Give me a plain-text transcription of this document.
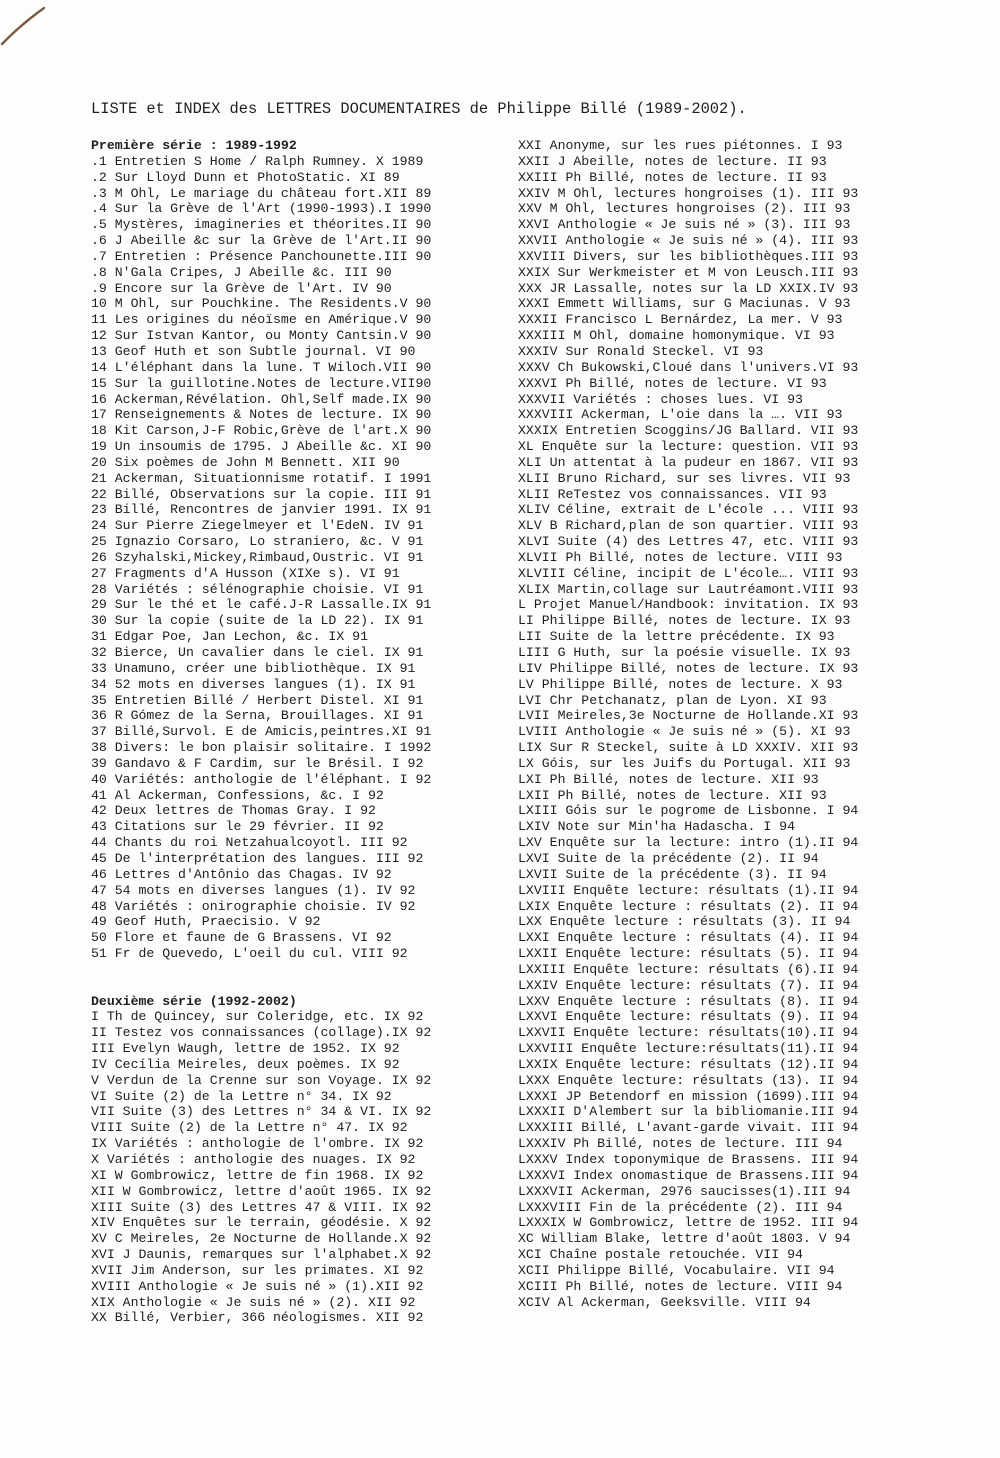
LISTE et INDEX des LETTRES DOCUMENTAIRES de Philippe Billé (1989-2002).
Première série : 1989-1992
.1 Entretien S Home / Ralph Rumney. X 1989
.2 Sur Lloyd Dunn et PhotoStatic. XI 89
.3 M Ohl, Le mariage du château fort.XII 89
.4 Sur la Grève de l'Art (1990-1993).I 1990
.5 Mystères, imagineries et théorites.II 90
.6 J Abeille &c sur la Grève de l'Art.II 90
.7 Entretien : Présence Panchounette.III 90
.8 N'Gala Cripes, J Abeille &c. III 90
.9 Encore sur la Grève de l'Art. IV 90
10 M Ohl, sur Pouchkine. The Residents.V 90
11 Les origines du néoïsme en Amérique.V 90
12 Sur Istvan Kantor, ou Monty Cantsin.V 90
13 Geof Huth et son Subtle journal. VI 90
14 L'éléphant dans la lune. T Wiloch.VII 90
15 Sur la guillotine.Notes de lecture.VII90
16 Ackerman,Révélation. Ohl,Self made.IX 90
17 Renseignements & Notes de lecture. IX 90
18 Kit Carson,J-F Robic,Grève de l'art.X 90
19 Un insoumis de 1795. J Abeille &c. XI 90
20 Six poèmes de John M Bennett. XII 90
21 Ackerman, Situationnisme rotatif. I 1991
22 Billé, Observations sur la copie. III 91
23 Billé, Rencontres de janvier 1991. IX 91
24 Sur Pierre Ziegelmeyer et l'EdeN. IV 91
25 Ignazio Corsaro, Lo straniero, &c. V 91
26 Szyhalski,Mickey,Rimbaud,Oustric. VI 91
27 Fragments d'A Husson (XIXe s). VI 91
28 Variétés : sélénographie choisie. VI 91
29 Sur le thé et le café.J-R Lassalle.IX 91
30 Sur la copie (suite de la LD 22). IX 91
31 Edgar Poe, Jan Lechon, &c. IX 91
32 Bierce, Un cavalier dans le ciel. IX 91
33 Unamuno, créer une bibliothèque. IX 91
34 52 mots en diverses langues (1). IX 91
35 Entretien Billé / Herbert Distel. XI 91
36 R Gómez de la Serna, Brouillages. XI 91
37 Billé,Survol. E de Amicis,peintres.XI 91
38 Divers: le bon plaisir solitaire. I 1992
39 Gandavo & F Cardim, sur le Brésil. I 92
40 Variétés: anthologie de l'éléphant. I 92
41 Al Ackerman, Confessions, &c. I 92
42 Deux lettres de Thomas Gray. I 92
43 Citations sur le 29 février. II 92
44 Chants du roi Netzahualcoyotl. III 92
45 De l'interprétation des langues. III 92
46 Lettres d'Antônio das Chagas. IV 92
47 54 mots en diverses langues (1). IV 92
48 Variétés : onirographie choisie. IV 92
49 Geof Huth, Praecisio. V 92
50 Flore et faune de G Brassens. VI 92
51 Fr de Quevedo, L'oeil du cul. VIII 92
Deuxième série (1992-2002)
I Th de Quincey, sur Coleridge, etc. IX 92
II Testez vos connaissances (collage).IX 92
III Evelyn Waugh, lettre de 1952. IX 92
IV Cecília Meireles, deux poèmes. IX 92
V Verdun de la Crenne sur son Voyage. IX 92
VI Suite (2) de la Lettre n° 34. IX 92
VII Suite (3) des Lettres n° 34 & VI. IX 92
VIII Suite (2) de la Lettre n° 47. IX 92
IX Variétés : anthologie de l'ombre. IX 92
X Variétés : anthologie des nuages. IX 92
XI W Gombrowicz, lettre de fin 1968. IX 92
XII W Gombrowicz, lettre d'août 1965. IX 92
XIII Suite (3) des Lettres 47 & VIII. IX 92
XIV Enquêtes sur le terrain, géodésie. X 92
XV C Meireles, 2e Nocturne de Hollande.X 92
XVI J Daunis, remarques sur l'alphabet.X 92
XVII Jim Anderson, sur les primates. XI 92
XVIII Anthologie « Je suis né » (1).XII 92
XIX Anthologie « Je suis né » (2). XII 92
XX Billé, Verbier, 366 néologismes. XII 92
XXI Anonyme, sur les rues piétonnes. I 93
XXII J Abeille, notes de lecture. II 93
XXIII Ph Billé, notes de lecture. II 93
XXIV M Ohl, lectures hongroises (1). III 93
XXV M Ohl, lectures hongroises (2). III 93
XXVI Anthologie « Je suis né » (3). III 93
XXVII Anthologie « Je suis né » (4). III 93
XXVIII Divers, sur les bibliothèques.III 93
XXIX Sur Werkmeister et M von Leusch.III 93
XXX JR Lassalle, notes sur la LD XXIX.IV 93
XXXI Emmett Williams, sur G Maciunas. V 93
XXXII Francisco L Bernárdez, La mer. V 93
XXXIII M Ohl, domaine homonymique. VI 93
XXXIV Sur Ronald Steckel. VI 93
XXXV Ch Bukowski,Cloué dans l'univers.VI 93
XXXVI Ph Billé, notes de lecture. VI 93
XXXVII Variétés : choses lues. VI 93
XXXVIII Ackerman, L'oie dans la …. VII 93
XXXIX Entretien Scoggins/JG Ballard. VII 93
XL Enquête sur la lecture: question. VII 93
XLI Un attentat à la pudeur en 1867. VII 93
XLII Bruno Richard, sur ses livres. VII 93
XLII ReTestez vos connaissances. VII 93
XLIV Céline, extrait de L'école ... VIII 93
XLV B Richard,plan de son quartier. VIII 93
XLVI Suite (4) des Lettres 47, etc. VIII 93
XLVII Ph Billé, notes de lecture. VIII 93
XLVIII Céline, incipit de L'école…. VIII 93
XLIX Martin,collage sur Lautréamont.VIII 93
L Projet Manuel/Handbook: invitation. IX 93
LI Philippe Billé, notes de lecture. IX 93
LII Suite de la lettre précédente. IX 93
LIII G Huth, sur la poésie visuelle. IX 93
LIV Philippe Billé, notes de lecture. IX 93
LV Philippe Billé, notes de lecture. X 93
LVI Chr Petchanatz, plan de Lyon. XI 93
LVII Meireles,3e Nocturne de Hollande.XI 93
LVIII Anthologie « Je suis né » (5). XI 93
LIX Sur R Steckel, suite à LD XXXIV. XII 93
LX Góis, sur les Juifs du Portugal. XII 93
LXI Ph Billé, notes de lecture. XII 93
LXII Ph Billé, notes de lecture. XII 93
LXIII Góis sur le pogrome de Lisbonne. I 94
LXIV Note sur Min'ha Hadascha. I 94
LXV Enquête sur la lecture: intro (1).II 94
LXVI Suite de la précédente (2). II 94
LXVII Suite de la précédente (3). II 94
LXVIII Enquête lecture: résultats (1).II 94
LXIX Enquête lecture : résultats (2). II 94
LXX Enquête lecture : résultats (3). II 94
LXXI Enquête lecture : résultats (4). II 94
LXXII Enquête lecture: résultats (5). II 94
LXXIII Enquête lecture: résultats (6).II 94
LXXIV Enquête lecture: résultats (7). II 94
LXXV Enquête lecture : résultats (8). II 94
LXXVI Enquête lecture: résultats (9). II 94
LXXVII Enquête lecture: résultats(10).II 94
LXXVIII Enquête lecture:résultats(11).II 94
LXXIX Enquête lecture: résultats (12).II 94
LXXX Enquête lecture: résultats (13). II 94
LXXXI JP Betendorf en mission (1699).III 94
LXXXII D'Alembert sur la bibliomanie.III 94
LXXXIII Billé, L'avant-garde vivait. III 94
LXXXIV Ph Billé, notes de lecture. III 94
LXXXV Index toponymique de Brassens. III 94
LXXXVI Index onomastique de Brassens.III 94
LXXXVII Ackerman, 2976 saucisses(1).III 94
LXXXVIII Fin de la précédente (2). III 94
LXXXIX W Gombrowicz, lettre de 1952. III 94
XC William Blake, lettre d'août 1803. V 94
XCI Chaîne postale retouchée. VII 94
XCII Philippe Billé, Vocabulaire. VII 94
XCIII Ph Billé, notes de lecture. VIII 94
XCIV Al Ackerman, Geeksville. VIII 94
